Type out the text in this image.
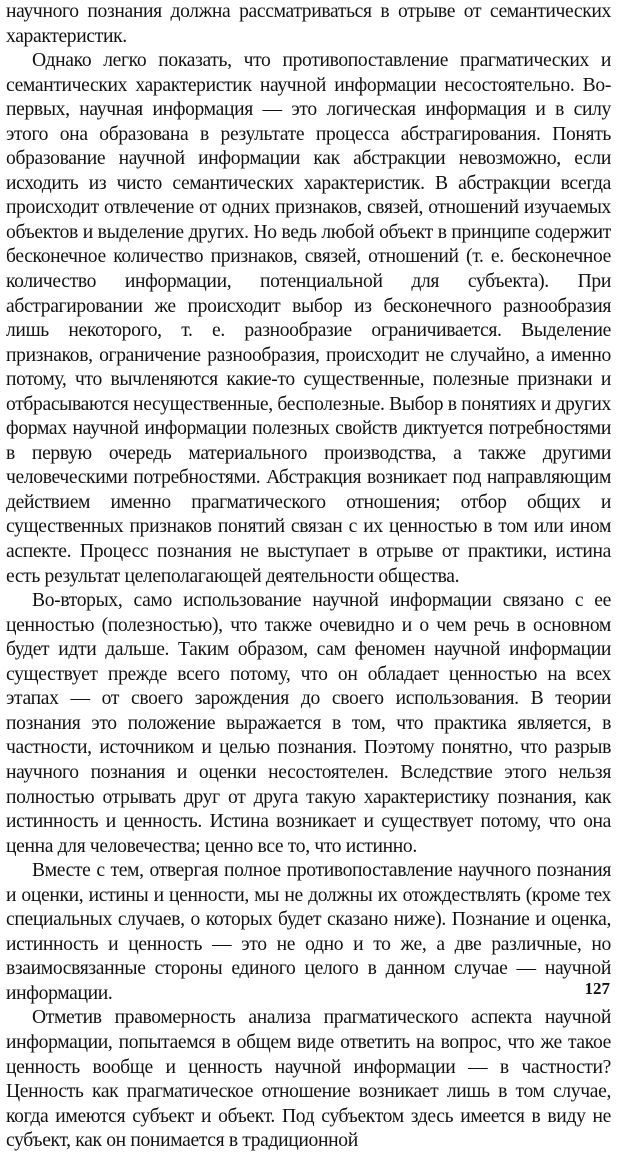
научного познания должна рассматриваться в отрыве от семантических характеристик.

Однако легко показать, что противопоставление прагматических и семантических характеристик научной информации несостоятельно. Во-первых, научная информация — это логическая информация и в силу этого она образована в результате процесса абстрагирования. Понять образование научной информации как абстракции невозможно, если исходить из чисто семантических характеристик. В абстракции всегда происходит отвлечение от одних признаков, связей, отношений изучаемых объектов и выделение других. Но ведь любой объект в принципе содержит бесконечное количество признаков, связей, отношений (т. е. бесконечное количество информации, потенциальной для субъекта). При абстрагировании же происходит выбор из бесконечного разнообразия лишь некоторого, т. е. разнообразие ограничивается. Выделение признаков, ограничение разнообразия, происходит не случайно, а именно потому, что вычленяются какие-то существенные, полезные признаки и отбрасываются несущественные, бесполезные. Выбор в понятиях и других формах научной информации полезных свойств диктуется потребностями в первую очередь материального производства, а также другими человеческими потребностями. Абстракция возникает под направляющим действием именно прагматического отношения; отбор общих и существенных признаков понятий связан с их ценностью в том или ином аспекте. Процесс познания не выступает в отрыве от практики, истина есть результат целеполагающей деятельности общества.

Во-вторых, само использование научной информации связано с ее ценностью (полезностью), что также очевидно и о чем речь в основном будет идти дальше. Таким образом, сам феномен научной информации существует прежде всего потому, что он обладает ценностью на всех этапах — от своего зарождения до своего использования. В теории познания это положение выражается в том, что практика является, в частности, источником и целью познания. Поэтому понятно, что разрыв научного познания и оценки несостоятелен. Вследствие этого нельзя полностью отрывать друг от друга такую характеристику познания, как истинность и ценность. Истина возникает и существует потому, что она ценна для человечества; ценно все то, что истинно.

Вместе с тем, отвергая полное противопоставление научного познания и оценки, истины и ценности, мы не должны их отождествлять (кроме тех специальных случаев, о которых будет сказано ниже). Познание и оценка, истинность и ценность — это не одно и то же, а две различные, но взаимосвязанные стороны единого целого в данном случае — научной информации.

Отметив правомерность анализа прагматического аспекта научной информации, попытаемся в общем виде ответить на вопрос, что же такое ценность вообще и ценность научной информации — в частности? Ценность как прагматическое отношение возникает лишь в том случае, когда имеются субъект и объект. Под субъектом здесь имеется в виду не субъект, как он понимается в традиционной

127
